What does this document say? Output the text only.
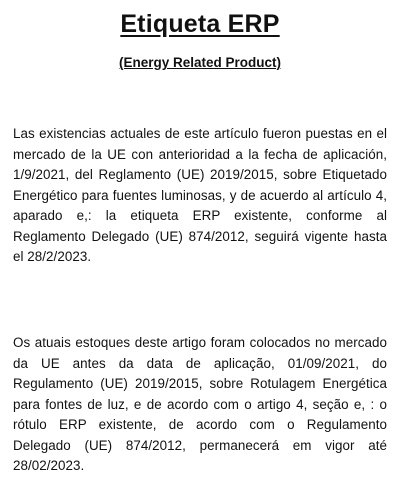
Etiqueta ERP
(Energy Related Product)

Las existencias actuales de este artículo fueron puestas en el mercado de la UE con anterioridad a la fecha de aplicación, 1/9/2021, del Reglamento (UE) 2019/2015, sobre Etiquetado Energético para fuentes luminosas, y de acuerdo al artículo 4, aparado e,: la etiqueta ERP existente, conforme al Reglamento Delegado (UE) 874/2012, seguirá vigente hasta el 28/2/2023.

Os atuais estoques deste artigo foram colocados no mercado da UE antes da data de aplicação, 01/09/2021, do Regulamento (UE) 2019/2015, sobre Rotulagem Energética para fontes de luz, e de acordo com o artigo 4, seção e, : o rótulo ERP existente, de acordo com o Regulamento Delegado (UE) 874/2012, permanecerá em vigor até 28/02/2023.
